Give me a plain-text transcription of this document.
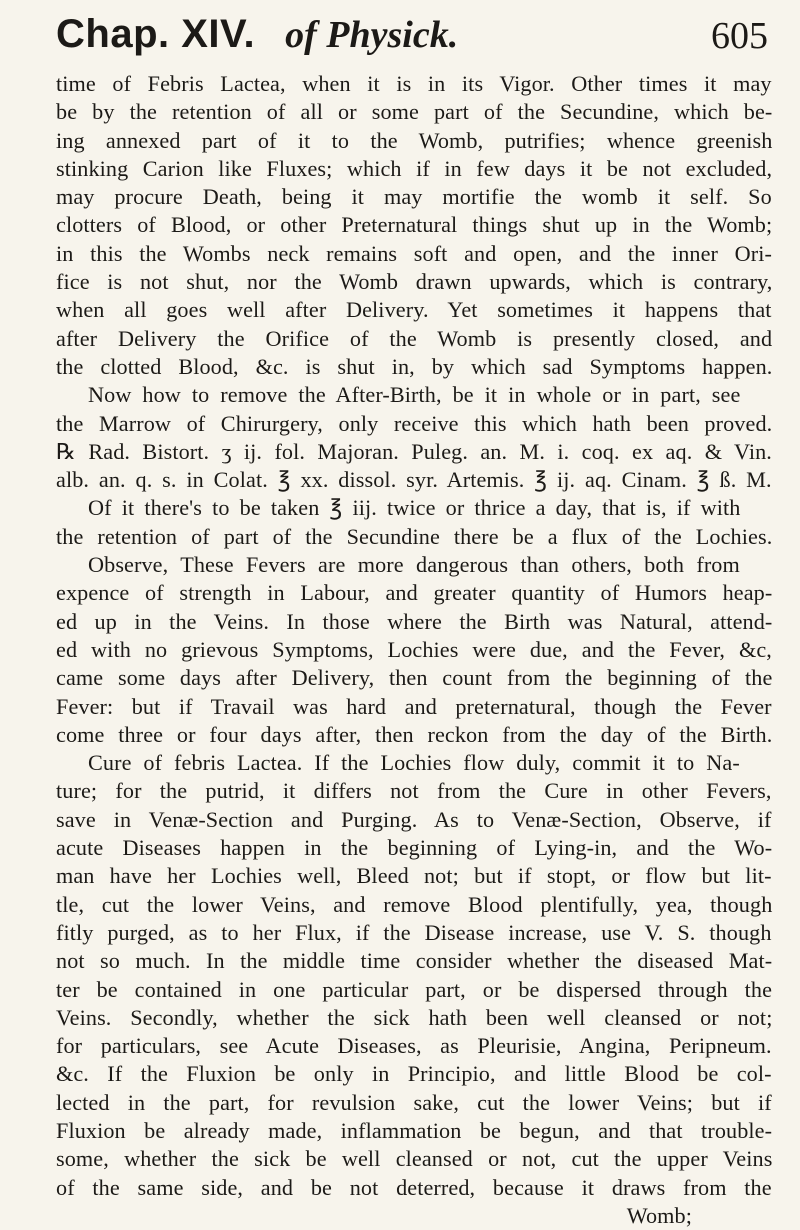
Chap. XIV. of Physick.	605
time of Febris Lactea, when it is in its Vigor. Other times it may
be by the retention of all or some part of the Secundine, which be-
ing annexed part of it to the Womb, putrifies; whence greenish
stinking Carion like Fluxes; which if in few days it be not excluded,
may procure Death, being it may mortifie the womb it self. So
clotters of Blood, or other Preternatural things shut up in the Womb;
in this the Wombs neck remains soft and open, and the inner Ori-
fice is not shut, nor the Womb drawn upwards, which is contrary,
when all goes well after Delivery. Yet sometimes it happens that
after Delivery the Orifice of the Womb is presently closed, and
the clotted Blood, &c. is shut in, by which sad Symptoms happen.
Now how to remove the After-Birth, be it in whole or in part, see
the Marrow of Chirurgery, only receive this which hath been proved.
℞ Rad. Bistort. ʒ ij. fol. Majoran. Puleg. an. M. i. coq. ex aq. & Vin.
alb. an. q. s. in Colat. ℥ xx. dissol. syr. Artemis. ℥ ij. aq. Cinam. ℥ ß. M.
Of it there's to be taken ℥ iij. twice or thrice a day, that is, if with
the retention of part of the Secundine there be a flux of the Lochies.
Observe, These Fevers are more dangerous than others, both from
expence of strength in Labour, and greater quantity of Humors heap-
ed up in the Veins. In those where the Birth was Natural, attend-
ed with no grievous Symptoms, Lochies were due, and the Fever, &c,
came some days after Delivery, then count from the beginning of the
Fever: but if Travail was hard and preternatural, though the Fever
come three or four days after, then reckon from the day of the Birth.
Cure of febris Lactea. If the Lochies flow duly, commit it to Na-
ture; for the putrid, it differs not from the Cure in other Fevers,
save in Venæ-Section and Purging. As to Venæ-Section, Observe, if
acute Diseases happen in the beginning of Lying-in, and the Wo-
man have her Lochies well, Bleed not; but if stopt, or flow but lit-
tle, cut the lower Veins, and remove Blood plentifully, yea, though
fitly purged, as to her Flux, if the Disease increase, use V. S. though
not so much. In the middle time consider whether the diseased Mat-
ter be contained in one particular part, or be dispersed through the
Veins. Secondly, whether the sick hath been well cleansed or not;
for particulars, see Acute Diseases, as Pleurisie, Angina, Peripneum.
&c. If the Fluxion be only in Principio, and little Blood be col-
lected in the part, for revulsion sake, cut the lower Veins; but if
Fluxion be already made, inflammation be begun, and that trouble-
some, whether the sick be well cleansed or not, cut the upper Veins
of the same side, and be not deterred, because it draws from the
Womb;
